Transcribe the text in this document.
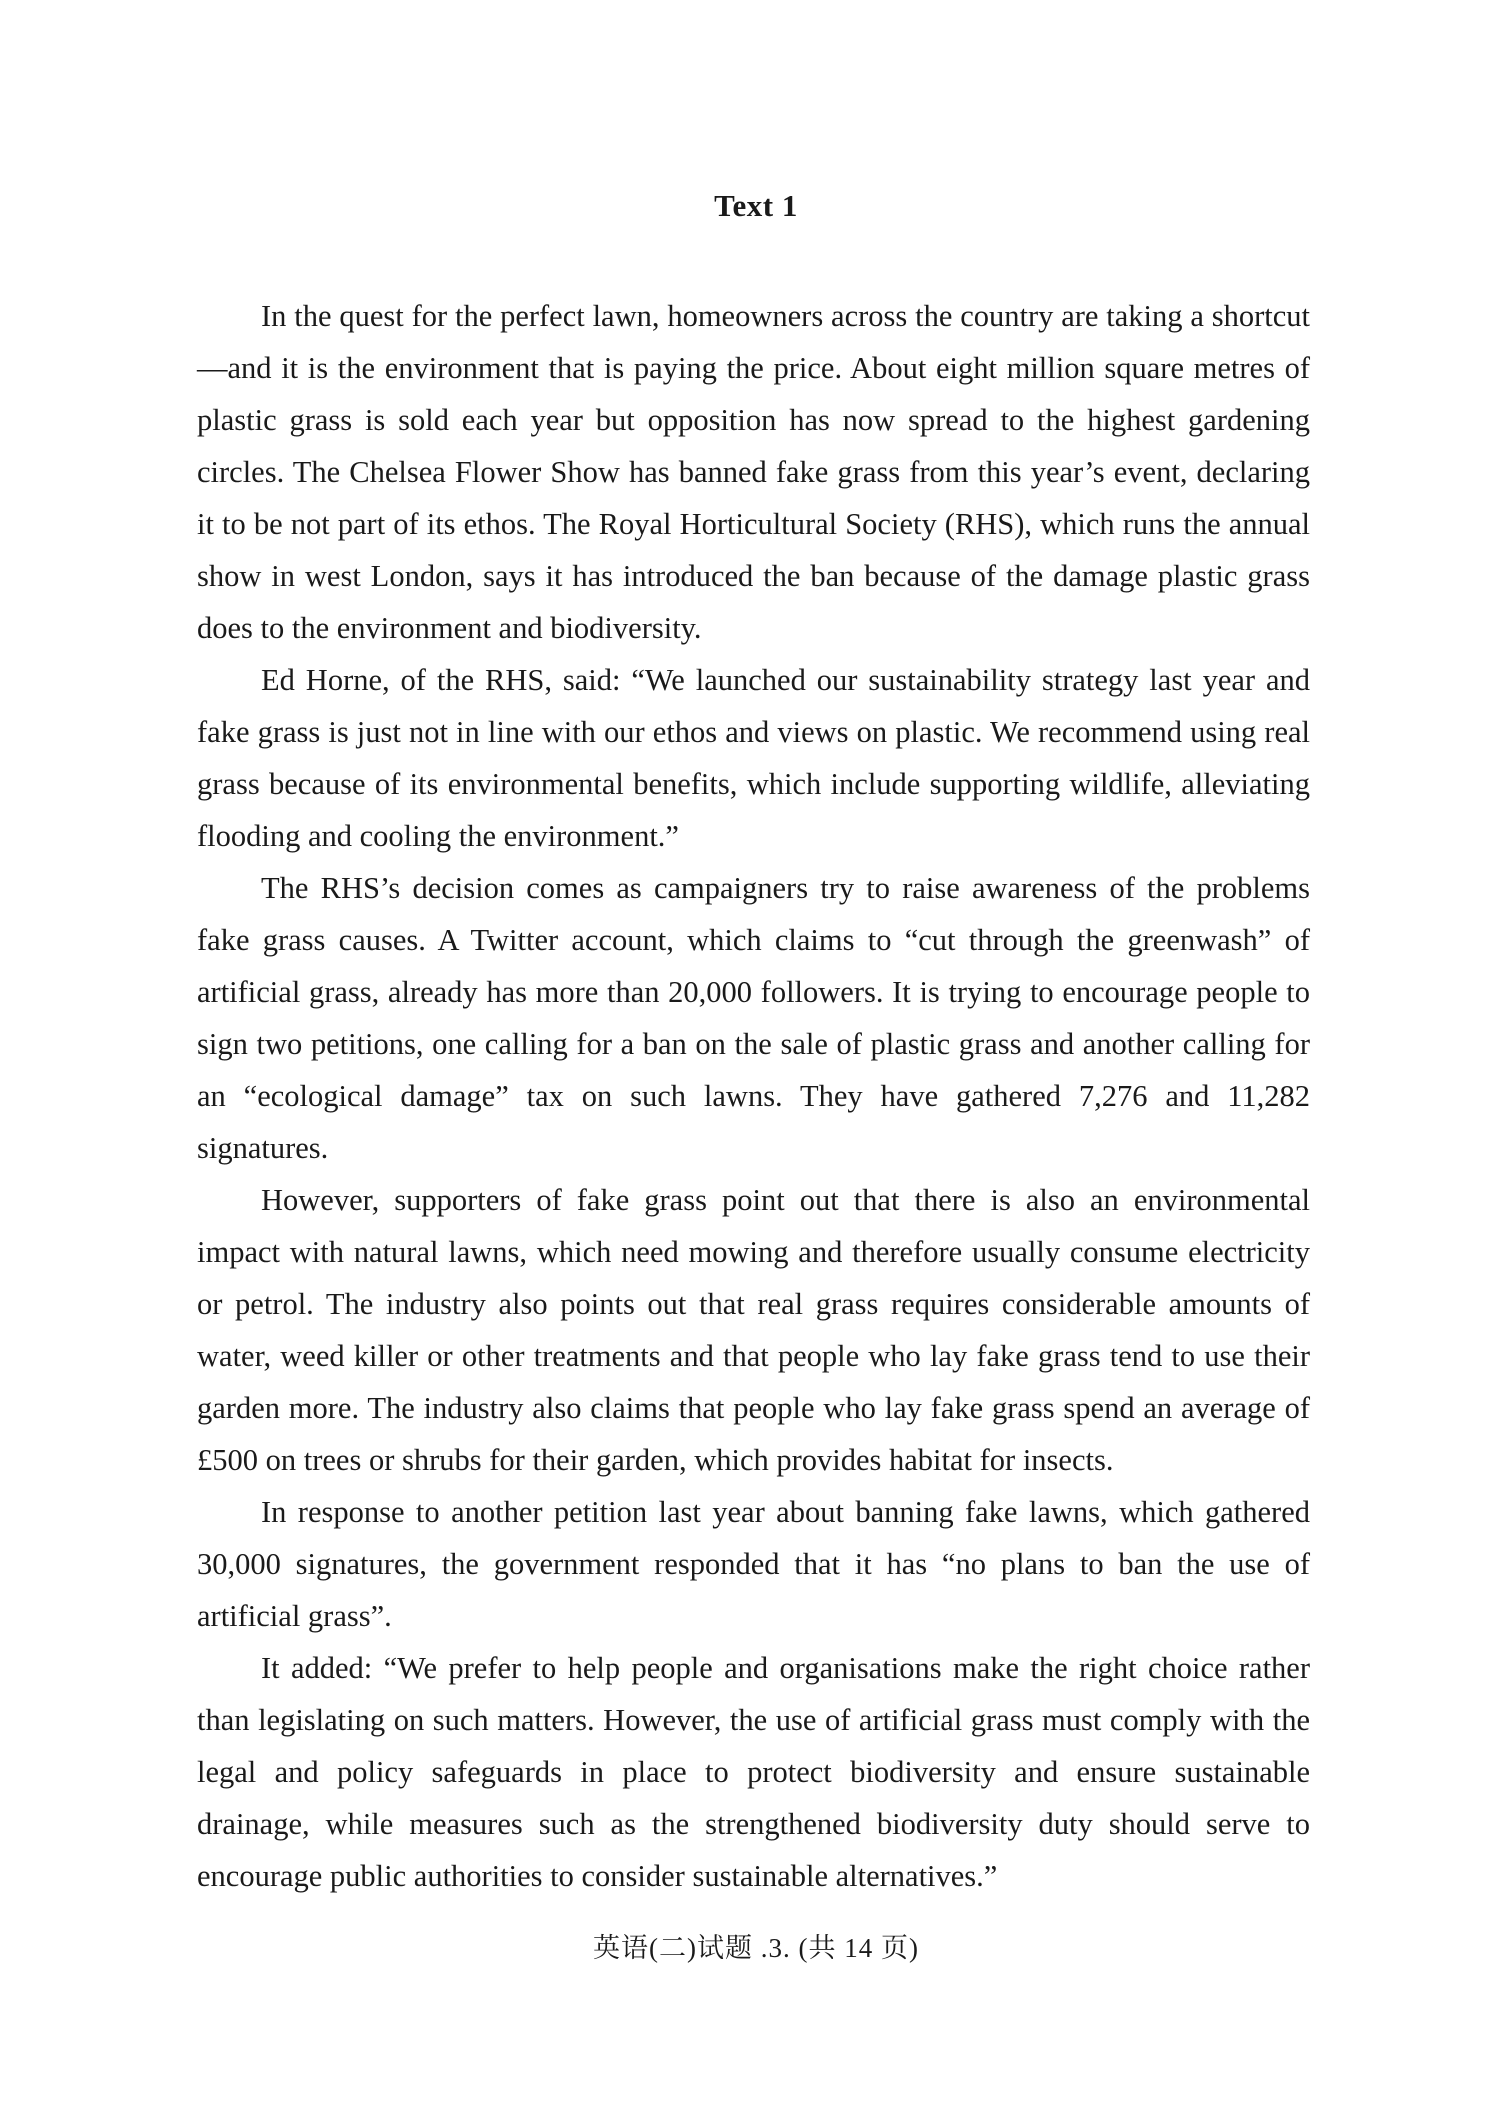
Text 1

In the quest for the perfect lawn, homeowners across the country are taking a shortcut—and it is the environment that is paying the price. About eight million square metres of plastic grass is sold each year but opposition has now spread to the highest gardening circles. The Chelsea Flower Show has banned fake grass from this year’s event, declaring it to be not part of its ethos. The Royal Horticultural Society (RHS), which runs the annual show in west London, says it has introduced the ban because of the damage plastic grass does to the environment and biodiversity.

Ed Horne, of the RHS, said: “We launched our sustainability strategy last year and fake grass is just not in line with our ethos and views on plastic. We recommend using real grass because of its environmental benefits, which include supporting wildlife, alleviating flooding and cooling the environment.”

The RHS’s decision comes as campaigners try to raise awareness of the problems fake grass causes. A Twitter account, which claims to “cut through the greenwash” of artificial grass, already has more than 20,000 followers. It is trying to encourage people to sign two petitions, one calling for a ban on the sale of plastic grass and another calling for an “ecological damage” tax on such lawns. They have gathered 7,276 and 11,282 signatures.

However, supporters of fake grass point out that there is also an environmental impact with natural lawns, which need mowing and therefore usually consume electricity or petrol. The industry also points out that real grass requires considerable amounts of water, weed killer or other treatments and that people who lay fake grass tend to use their garden more. The industry also claims that people who lay fake grass spend an average of £500 on trees or shrubs for their garden, which provides habitat for insects.

In response to another petition last year about banning fake lawns, which gathered 30,000 signatures, the government responded that it has “no plans to ban the use of artificial grass”.

It added: “We prefer to help people and organisations make the right choice rather than legislating on such matters. However, the use of artificial grass must comply with the legal and policy safeguards in place to protect biodiversity and ensure sustainable drainage, while measures such as the strengthened biodiversity duty should serve to encourage public authorities to consider sustainable alternatives.”

英语(二)试题 .3. (共 14 页)
